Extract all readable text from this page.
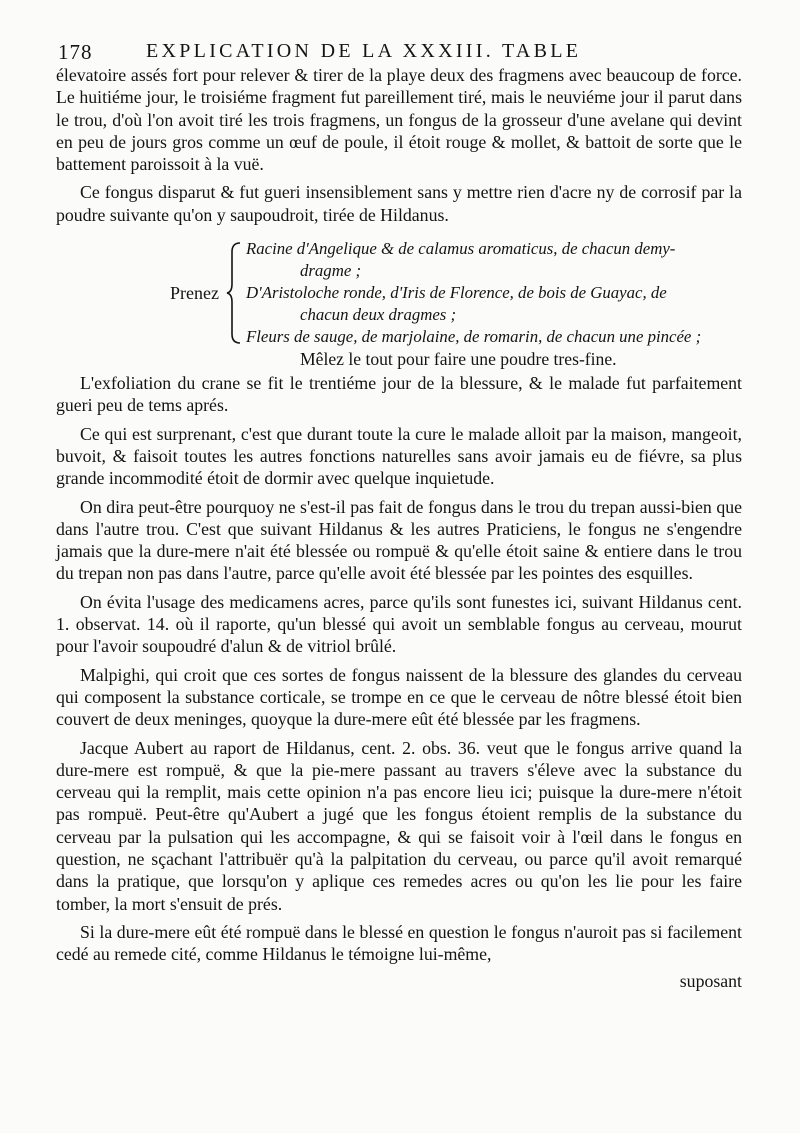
178	EXPLICATION DE LA XXXIII. TABLE

élevatoire assés fort pour relever & tirer de la playe deux des fragmens avec beaucoup de force. Le huitiéme jour, le troisiéme fragment fut pareillement tiré, mais le neuviéme jour il parut dans le trou, d'où l'on avoit tiré les trois fragmens, un fongus de la grosseur d'une avelane qui devint en peu de jours gros comme un œuf de poule, il étoit rouge & mollet, & battoit de sorte que le battement paroissoit à la vuë.

Ce fongus disparut & fut gueri insensiblement sans y mettre rien d'acre ny de corrosif par la poudre suivante qu'on y saupoudroit, tirée de Hildanus.

Prenez
Racine d'Angelique & de calamus aromaticus, de chacun demy-
dragme ;
D'Aristoloche ronde, d'Iris de Florence, de bois de Guayac, de
chacun deux dragmes ;
Fleurs de sauge, de marjolaine, de romarin, de chacun une pincée ;
Mêlez le tout pour faire une poudre tres-fine.

L'exfoliation du crane se fit le trentiéme jour de la blessure, & le malade fut parfaitement gueri peu de tems aprés.

Ce qui est surprenant, c'est que durant toute la cure le malade alloit par la maison, mangeoit, buvoit, & faisoit toutes les autres fonctions naturelles sans avoir jamais eu de fiévre, sa plus grande incommodité étoit de dormir avec quelque inquietude.

On dira peut-être pourquoy ne s'est-il pas fait de fongus dans le trou du trepan aussi-bien que dans l'autre trou. C'est que suivant Hildanus & les autres Praticiens, le fongus ne s'engendre jamais que la dure-mere n'ait été blessée ou rompuë & qu'elle étoit saine & entiere dans le trou du trepan non pas dans l'autre, parce qu'elle avoit été blessée par les pointes des esquilles.

On évita l'usage des medicamens acres, parce qu'ils sont funestes ici, suivant Hildanus cent. 1. observat. 14. où il raporte, qu'un blessé qui avoit un semblable fongus au cerveau, mourut pour l'avoir soupoudré d'alun & de vitriol brûlé.

Malpighi, qui croit que ces sortes de fongus naissent de la blessure des glandes du cerveau qui composent la substance corticale, se trompe en ce que le cerveau de nôtre blessé étoit bien couvert de deux meninges, quoyque la dure-mere eût été blessée par les fragmens.

Jacque Aubert au raport de Hildanus, cent. 2. obs. 36. veut que le fongus arrive quand la dure-mere est rompuë, & que la pie-mere passant au travers s'éleve avec la substance du cerveau qui la remplit, mais cette opinion n'a pas encore lieu ici; puisque la dure-mere n'étoit pas rompuë. Peut-être qu'Aubert a jugé que les fongus étoient remplis de la substance du cerveau par la pulsation qui les accompagne, & qui se faisoit voir à l'œil dans le fongus en question, ne sçachant l'attribuër qu'à la palpitation du cerveau, ou parce qu'il avoit remarqué dans la pratique, que lorsqu'on y aplique ces remedes acres ou qu'on les lie pour les faire tomber, la mort s'ensuit de prés.

Si la dure-mere eût été rompuë dans le blessé en question le fongus n'auroit pas si facilement cedé au remede cité, comme Hildanus le témoigne lui-même,

suposant
